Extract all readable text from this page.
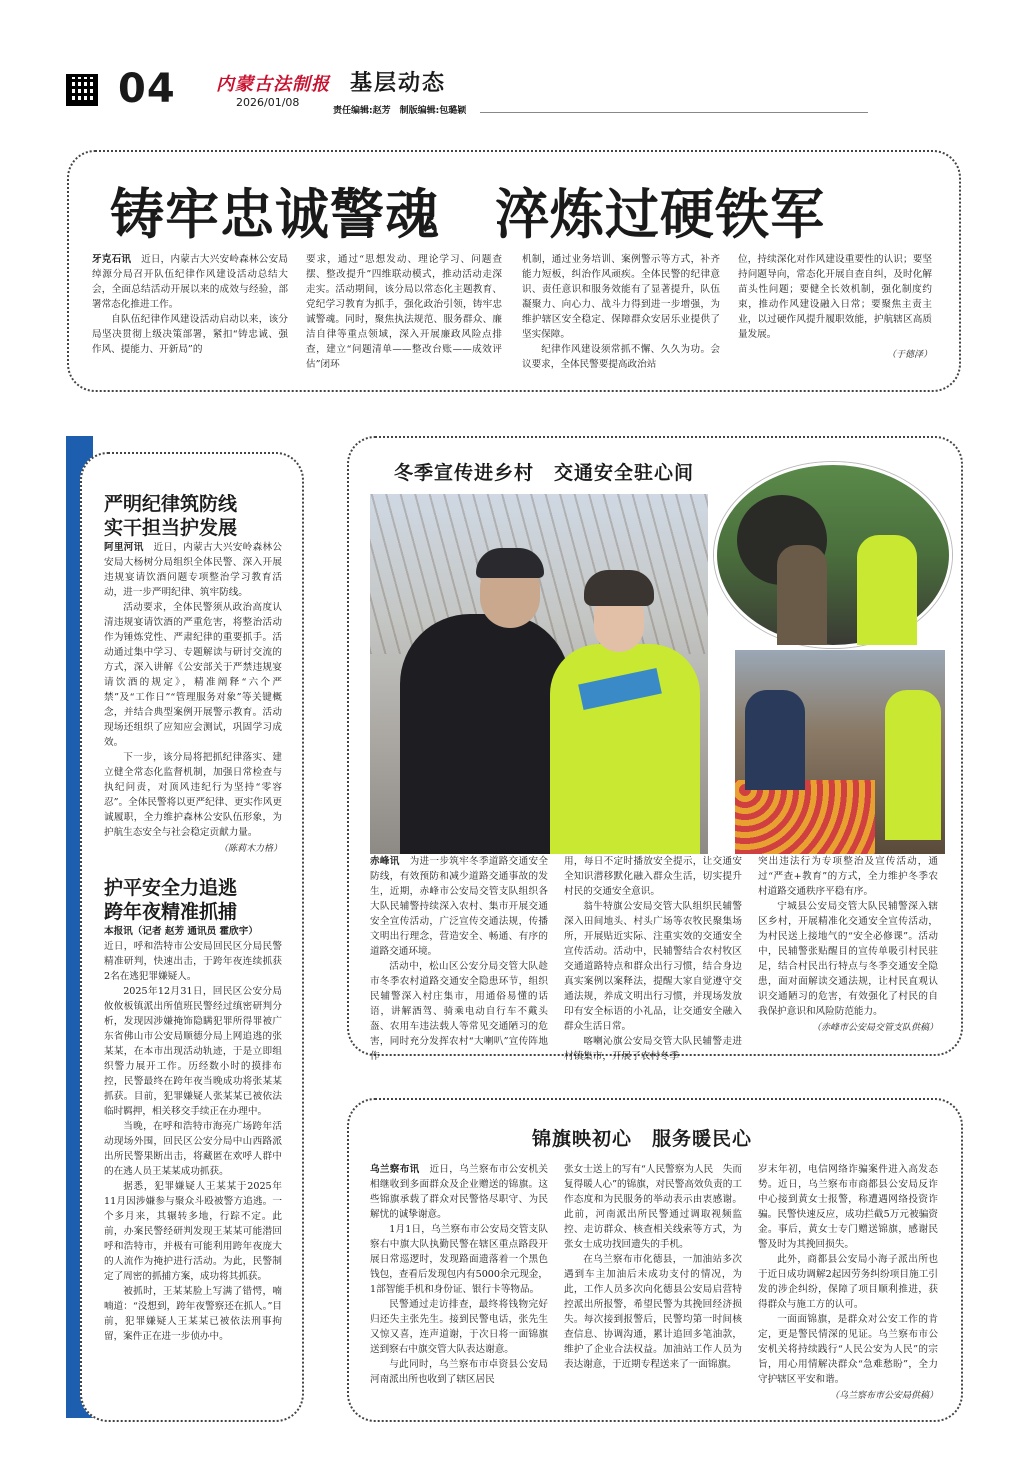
04 内蒙古法制报
2026/01/08
基层动态
责任编辑:赵芳　制版编辑:包璐颖
铸牢忠诚警魂　淬炼过硬铁军

牙克石讯　 近日，内蒙古大兴安岭森林公安局绰源分局召开队伍纪律作风建设活动总结大会，全面总结活动开展以来的成效与经验，部署常态化推进工作。

自队伍纪律作风建设活动启动以来，该分局坚决贯彻上级决策部署，紧扣“铸忠诚、强作风、提能力、开新局”的

要求，通过“思想发动、理论学习、问题查摆、整改提升”四维联动模式，推动活动走深走实。活动期间，该分局以常态化主题教育、党纪学习教育为抓手，强化政治引领，铸牢忠诚警魂。同时，聚焦执法规范、服务群众、廉洁自律等重点领域，深入开展廉政风险点排查，建立“问题清单——整改台账——成效评估”闭环

机制，通过业务培训、案例警示等方式，补齐能力短板，纠治作风顽疾。全体民警的纪律意识、责任意识和服务效能有了显著提升，队伍凝聚力、向心力、战斗力得到进一步增强，为维护辖区安全稳定、保障群众安居乐业提供了坚实保障。

纪律作风建设须常抓不懈、久久为功。会议要求，全体民警要提高政治站

位，持续深化对作风建设重要性的认识；要坚持问题导向，常态化开展自查自纠，及时化解苗头性问题；要健全长效机制，强化制度约束，推动作风建设融入日常；要聚焦主责主业，以过硬作风提升履职效能，护航辖区高质量发展。

（于德泽）
严明纪律筑防线
实干担当护发展

阿里河讯　 近日，内蒙古大兴安岭森林公安局大杨树分局组织全体民警、深入开展违规宴请饮酒问题专项整治学习教育活动，进一步严明纪律、筑牢防线。

活动要求，全体民警须从政治高度认清违规宴请饮酒的严重危害，将整治活动作为锤炼党性、严肃纪律的重要抓手。活动通过集中学习、专题解读与研讨交流的方式，深入讲解《公安部关于严禁违规宴请饮酒的规定》，精准阐释“六个严禁”及“工作日”“管理服务对象”等关键概念，并结合典型案例开展警示教育。活动现场还组织了应知应会测试，巩固学习成效。

下一步，该分局将把抓纪律落实、建立健全常态化监督机制，加强日常检查与执纪问责，对顶风违纪行为坚持“零容忍”。全体民警将以更严纪律、更实作风更诚履职，全力维护森林公安队伍形象，为护航生态安全与社会稳定贡献力量。

（陈莉木力格）
护平安全力追逃
跨年夜精准抓捕

本报讯（记者 赵芳 通讯员 霍欣宇）

近日，呼和浩特市公安局回民区分局民警精准研判，快速出击，于跨年夜连续抓获2名在逃犯罪嫌疑人。

2025年12月31日，回民区公安分局攸攸板镇派出所值班民警经过缜密研判分析，发现因涉嫌掩饰隐瞒犯罪所得罪被广东省佛山市公安局顺德分局上网追逃的张某某，在本市出现活动轨迹，于是立即组织警力展开工作。历经数小时的摸排布控，民警最终在跨年夜当晚成功将张某某抓获。目前，犯罪嫌疑人张某某已被依法临时羁押，相关移交手续正在办理中。

当晚，在呼和浩特市海亮广场跨年活动现场外围，回民区公安分局中山西路派出所民警果断出击，将藏匿在欢呼人群中的在逃人员王某某成功抓获。

据悉，犯罪嫌疑人王某某于2025年11月因涉嫌参与聚众斗殴被警方追逃。一个多月来，其辗转多地，行踪不定。此前，办案民警经研判发现王某某可能潜回呼和浩特市，并极有可能利用跨年夜庞大的人流作为掩护进行活动。为此，民警制定了周密的抓捕方案，成功将其抓获。

被抓时，王某某脸上写满了错愕，喃喃道：“没想到，跨年夜警察还在抓人。”目前，犯罪嫌疑人王某某已被依法刑事拘留，案件正在进一步侦办中。

冬季宣传进乡村　交通安全驻心间

赤峰讯　 为进一步筑牢冬季道路交通安全防线，有效预防和减少道路交通事故的发生，近期，赤峰市公安局交管支队组织各大队民辅警持续深入农村、集市开展交通安全宣传活动，广泛宣传交通法规，传播文明出行理念，营造安全、畅通、有序的道路交通环境。

活动中，松山区公安分局交管大队趁市冬季农村道路交通安全隐患环节，组织民辅警深入村庄集市，用通俗易懂的话语，讲解酒驾、骑乘电动自行车不戴头盔、农用车违法载人等常见交通陋习的危害，同时充分发挥农村“大喇叭”宣传阵地作

用，每日不定时播放安全提示，让交通安全知识潜移默化融入群众生活，切实提升村民的交通安全意识。

翁牛特旗公安局交管大队组织民辅警深入田间地头、村头广场等农牧民聚集场所，开展贴近实际、注重实效的交通安全宣传活动。活动中，民辅警结合农村牧区交通道路特点和群众出行习惯，结合身边真实案例以案释法，提醒大家自觉遵守交通法规，养成文明出行习惯，并现场发放印有安全标语的小礼品，让交通安全融入群众生活日常。

喀喇沁旗公安局交管大队民辅警走进村镇集市，开展了农村冬季

突出违法行为专项整治及宣传活动，通过“严查+教育”的方式，全力维护冬季农村道路交通秩序平稳有序。

宁城县公安局交管大队民辅警深入辖区乡村，开展精准化交通安全宣传活动，为村民送上接地气的“安全必修课”。活动中，民辅警张贴醒目的宣传单吸引村民驻足，结合村民出行特点与冬季交通安全隐患，面对面解读交通法规，让村民直观认识交通陋习的危害，有效强化了村民的自我保护意识和风险防范能力。

（赤峰市公安局交管支队供稿）
锦旗映初心　服务暖民心

乌兰察布讯　 近日，乌兰察布市公安机关相继收到多面群众及企业赠送的锦旗。这些锦旗承载了群众对民警恪尽职守、为民解忧的诚挚谢意。

1月1日，乌兰察布市公安局交管支队察右中旗大队执勤民警在辖区重点路段开展日常巡逻时，发现路面遗落着一个黑色钱包，查看后发现包内有5000余元现金，1部智能手机和身份证、银行卡等物品。

民警通过走访排查，最终将钱物完好归还失主张先生。接到民警电话，张先生又惊又喜，连声道谢，于次日将一面锦旗送到察右中旗交管大队表达谢意。

与此同时，乌兰察布市卓资县公安局河南派出所也收到了辖区居民

张女士送上的写有“人民警察为人民　失而复得暖人心”的锦旗，对民警高效负责的工作态度和为民服务的举动表示由衷感谢。此前，河南派出所民警通过调取视频监控、走访群众、核查相关线索等方式，为张女士成功找回遗失的手机。

在乌兰察布市化德县，一加油站多次遇到车主加油后未成功支付的情况，为此，工作人员多次向化德县公安局启营特控派出所报警，希望民警为其挽回经济损失。每次接到报警后，民警均第一时间核查信息、协调沟通，累计追回多笔油款，维护了企业合法权益。加油站工作人员为表达谢意，于近期专程送来了一面锦旗。

岁末年初，电信网络诈骗案件进入高发态势。近日，乌兰察布市商都县公安局反诈中心接到黄女士报警，称遭遇网络投资诈骗。民警快速反应，成功拦截5万元被骗资金。事后，黄女士专门赠送锦旗，感谢民警及时为其挽回损失。

此外，商都县公安局小海子派出所也于近日成功调解2起因劳务纠纷项目施工引发的涉企纠纷，保障了项目顺利推进，获得群众与施工方的认可。

一面面锦旗，是群众对公安工作的肯定，更是警民情深的见证。乌兰察布市公安机关将持续践行“人民公安为人民”的宗旨，用心用情解决群众“急难愁盼”，全力守护辖区平安和谐。

（乌兰察布市公安局供稿）
